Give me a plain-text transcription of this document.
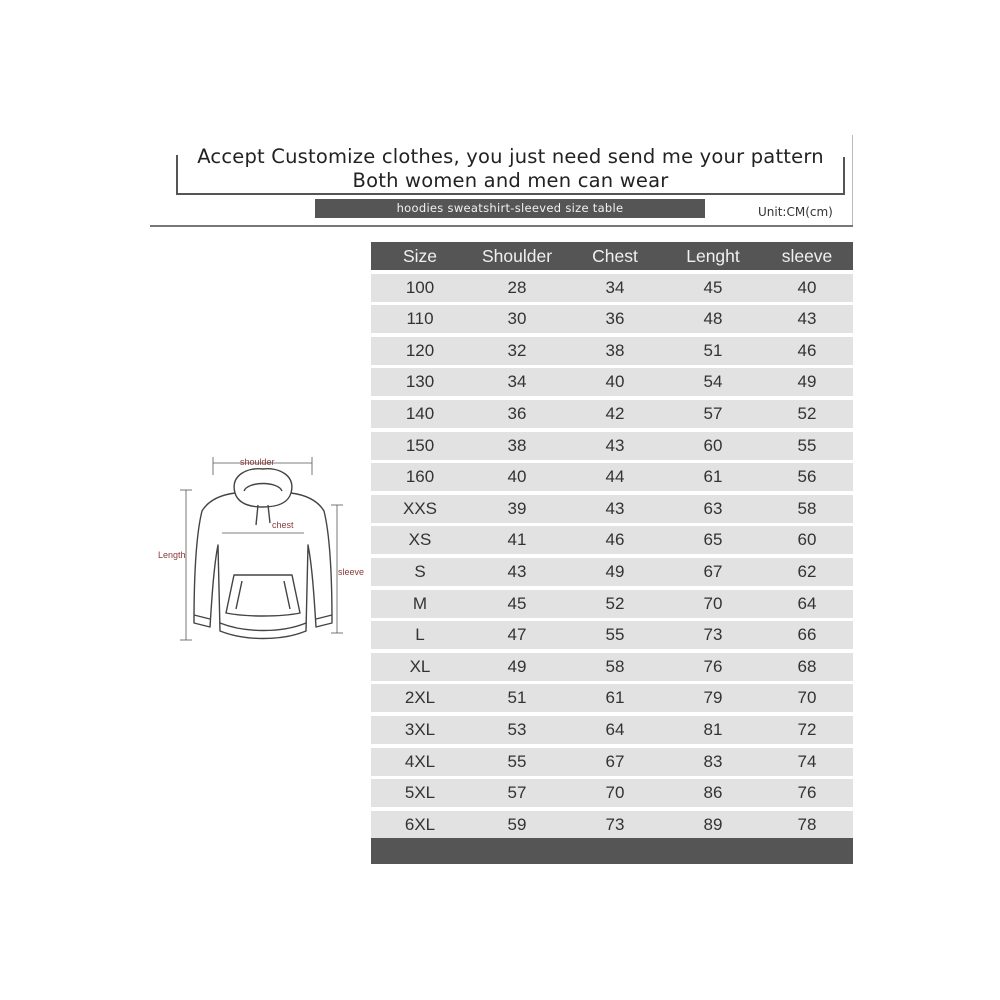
Accept Customize clothes, you just need send me your pattern
Both women and men can wear
hoodies sweatshirt-sleeved size table	Unit:CM(cm)
shoulder
chest
Length
sleeve
Size	Shoulder	Chest	Lenght	sleeve
100	28	34	45	40
110	30	36	48	43
120	32	38	51	46
130	34	40	54	49
140	36	42	57	52
150	38	43	60	55
160	40	44	61	56
XXS	39	43	63	58
XS	41	46	65	60
S	43	49	67	62
M	45	52	70	64
L	47	55	73	66
XL	49	58	76	68
2XL	51	61	79	70
3XL	53	64	81	72
4XL	55	67	83	74
5XL	57	70	86	76
6XL	59	73	89	78
